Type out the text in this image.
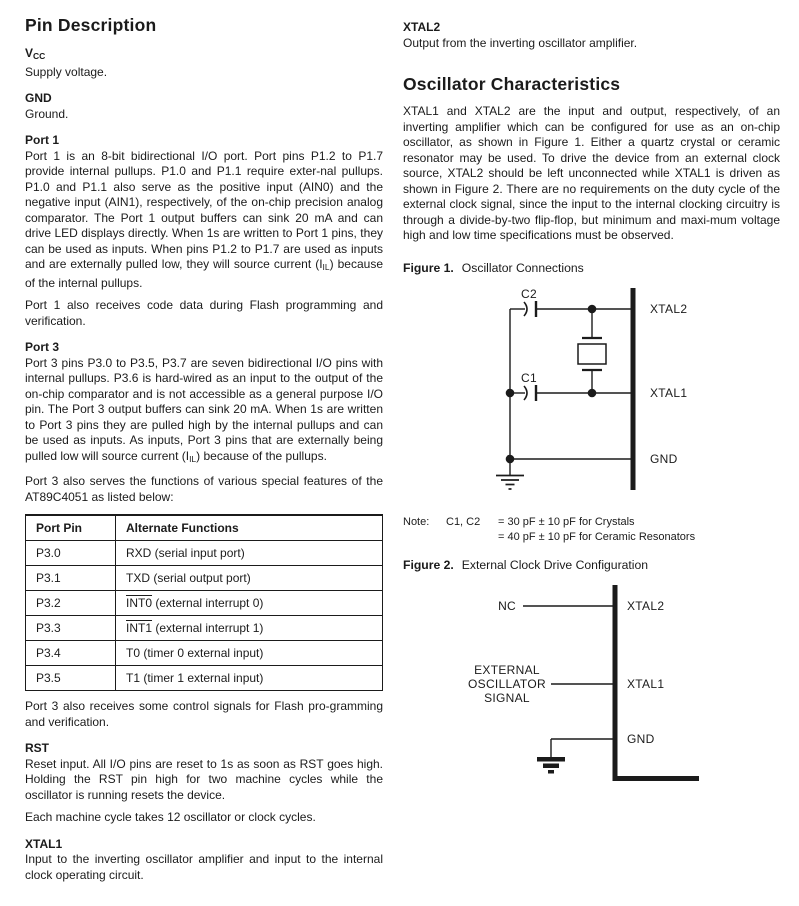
Pin Description

VCC

Supply voltage.

GND

Ground.

Port 1

Port 1 is an 8-bit bidirectional I/O port. Port pins P1.2 to P1.7 provide internal pullups. P1.0 and P1.1 require exter-nal pullups. P1.0 and P1.1 also serve as the positive input (AIN0) and the negative input (AIN1), respectively, of the on-chip precision analog comparator. The Port 1 output buffers can sink 20 mA and can drive LED displays directly. When 1s are written to Port 1 pins, they can be used as inputs. When pins P1.2 to P1.7 are used as inputs and are externally pulled low, they will source current (IIL) because of the internal pullups.

Port 1 also receives code data during Flash programming and verification.

Port 3

Port 3 pins P3.0 to P3.5, P3.7 are seven bidirectional I/O pins with internal pullups. P3.6 is hard-wired as an input to the output of the on-chip comparator and is not accessible as a general purpose I/O pin. The Port 3 output buffers can sink 20 mA. When 1s are written to Port 3 pins they are pulled high by the internal pullups and can be used as inputs. As inputs, Port 3 pins that are externally being pulled low will source current (IIL) because of the pullups.

Port 3 also serves the functions of various special features of the AT89C4051 as listed below:

Port Pin	Alternate Functions
P3.0	RXD (serial input port)
P3.1	TXD (serial output port)
P3.2	INT0 (external interrupt 0)
P3.3	INT1 (external interrupt 1)
P3.4	T0 (timer 0 external input)
P3.5	T1 (timer 1 external input)

Port 3 also receives some control signals for Flash pro-gramming and verification.

RST

Reset input. All I/O pins are reset to 1s as soon as RST goes high. Holding the RST pin high for two machine cycles while the oscillator is running resets the device.

Each machine cycle takes 12 oscillator or clock cycles.

XTAL1

Input to the inverting oscillator amplifier and input to the internal clock operating circuit.

XTAL2

Output from the inverting oscillator amplifier.

Oscillator Characteristics

XTAL1 and XTAL2 are the input and output, respectively, of an inverting amplifier which can be configured for use as an on-chip oscillator, as shown in Figure 1. Either a quartz crystal or ceramic resonator may be used. To drive the device from an external clock source, XTAL2 should be left unconnected while XTAL1 is driven as shown in Figure 2. There are no requirements on the duty cycle of the external clock signal, since the input to the internal clocking circuitry is through a divide-by-two flip-flop, but minimum and maxi-mum voltage high and low time specifications must be observed.

Figure 1. Oscillator Connections

C2
C1
XTAL2
XTAL1
GND
Note:	C1, C2	= 30 pF ± 10 pF for Crystals
= 40 pF ± 10 pF for Ceramic Resonators

Figure 2. External Clock Drive Configuration

NC	XTAL2
EXTERNAL
OSCILLATOR
SIGNAL
XTAL1
GND
